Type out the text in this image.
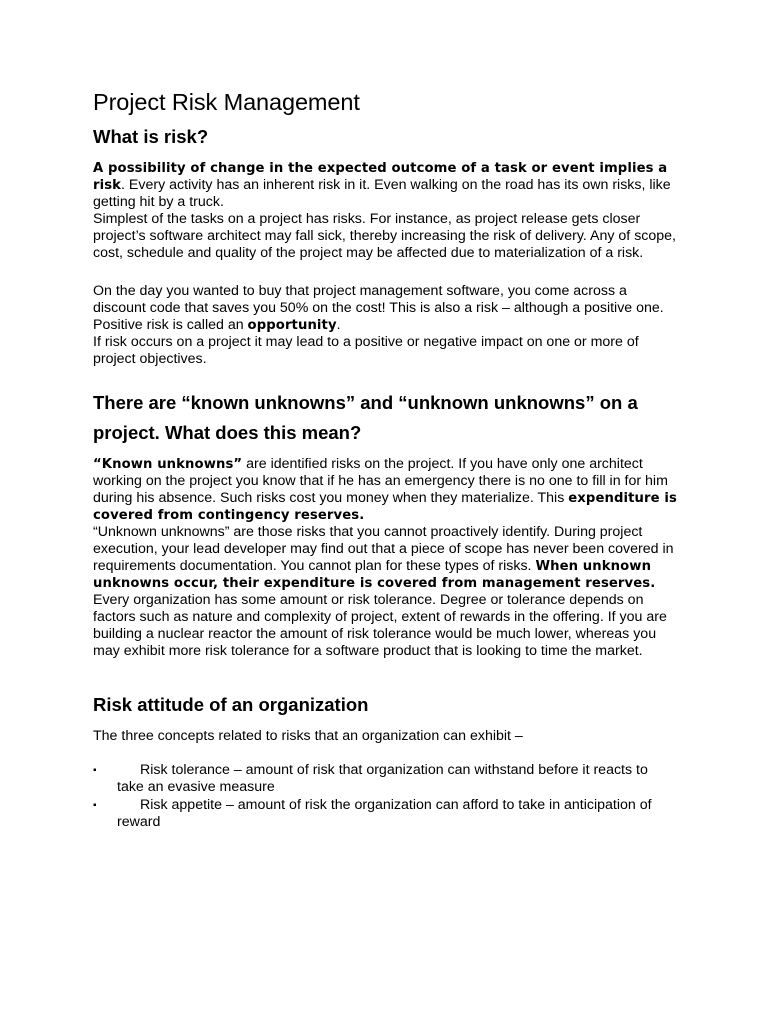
Project Risk Management
What is risk?

A possibility of change in the expected outcome of a task or event implies a risk. Every activity has an inherent risk in it. Even walking on the road has its own risks, like getting hit by a truck.

Simplest of the tasks on a project has risks. For instance, as project release gets closer project’s software architect may fall sick, thereby increasing the risk of delivery. Any of scope, cost, schedule and quality of the project may be affected due to materialization of a risk.

On the day you wanted to buy that project management software, you come across a discount code that saves you 50% on the cost! This is also a risk – although a positive one. Positive risk is called an opportunity.

If risk occurs on a project it may lead to a positive or negative impact on one or more of project objectives.

There are “known unknowns” and “unknown unknowns” on a project. What does this mean?

“Known unknowns” are identified risks on the project. If you have only one architect working on the project you know that if he has an emergency there is no one to fill in for him during his absence. Such risks cost you money when they materialize. This expenditure is covered from contingency reserves.

“Unknown unknowns” are those risks that you cannot proactively identify. During project execution, your lead developer may find out that a piece of scope has never been covered in requirements documentation. You cannot plan for these types of risks. When unknown unknowns occur, their expenditure is covered from management reserves.

Every organization has some amount or risk tolerance. Degree or tolerance depends on factors such as nature and complexity of project, extent of rewards in the offering. If you are building a nuclear reactor the amount of risk tolerance would be much lower, whereas you may exhibit more risk tolerance for a software product that is looking to time the market.

Risk attitude of an organization

The three concepts related to risks that an organization can exhibit –

▪	Risk tolerance – amount of risk that organization can withstand before it reacts to take an evasive measure
▪	Risk appetite – amount of risk the organization can afford to take in anticipation of reward
